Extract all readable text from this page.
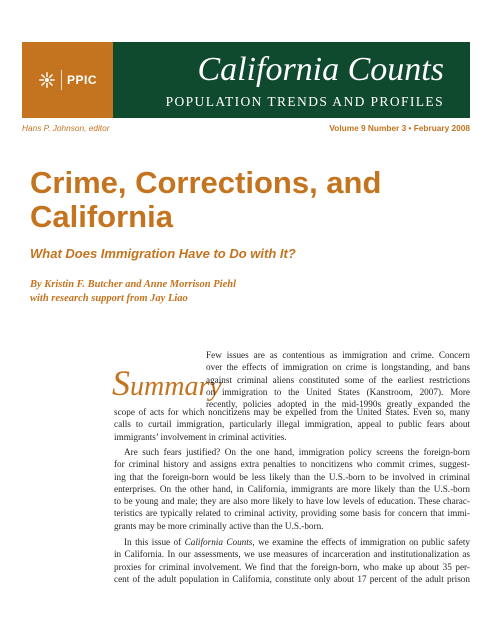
PPIC	California Counts
POPULATION TRENDS AND PROFILES
Hans P. Johnson, editor	Volume 9 Number 3 • February 2008
Crime, Corrections, and
California
What Does Immigration Have to Do with It?
By Kristin F. Butcher and Anne Morrison Piehl
with research support from Jay Liao
Summary
Few issues are as contentious as immigration and crime. Concern
over the effects of immigration on crime is longstanding, and bans
against criminal aliens constituted some of the earliest restrictions
on immigration to the United States (Kanstroom, 2007). More
recently, policies adopted in the mid-1990s greatly expanded the
scope of acts for which noncitizens may be expelled from the United States. Even so, many
calls to curtail immigration, particularly illegal immigration, appeal to public fears about
immigrants’ involvement in criminal activities.
Are such fears justified? On the one hand, immigration policy screens the foreign-born
for criminal history and assigns extra penalties to noncitizens who commit crimes, suggest-
ing that the foreign-born would be less likely than the U.S.-born to be involved in criminal
enterprises. On the other hand, in California, immigrants are more likely than the U.S.-born
to be young and male; they are also more likely to have low levels of education. These charac-
teristics are typically related to criminal activity, providing some basis for concern that immi-
grants may be more criminally active than the U.S.-born.
In this issue of California Counts, we examine the effects of immigration on public safety
in California. In our assessments, we use measures of incarceration and institutionalization as
proxies for criminal involvement. We find that the foreign-born, who make up about 35 per-
cent of the adult population in California, constitute only about 17 percent of the adult prison
